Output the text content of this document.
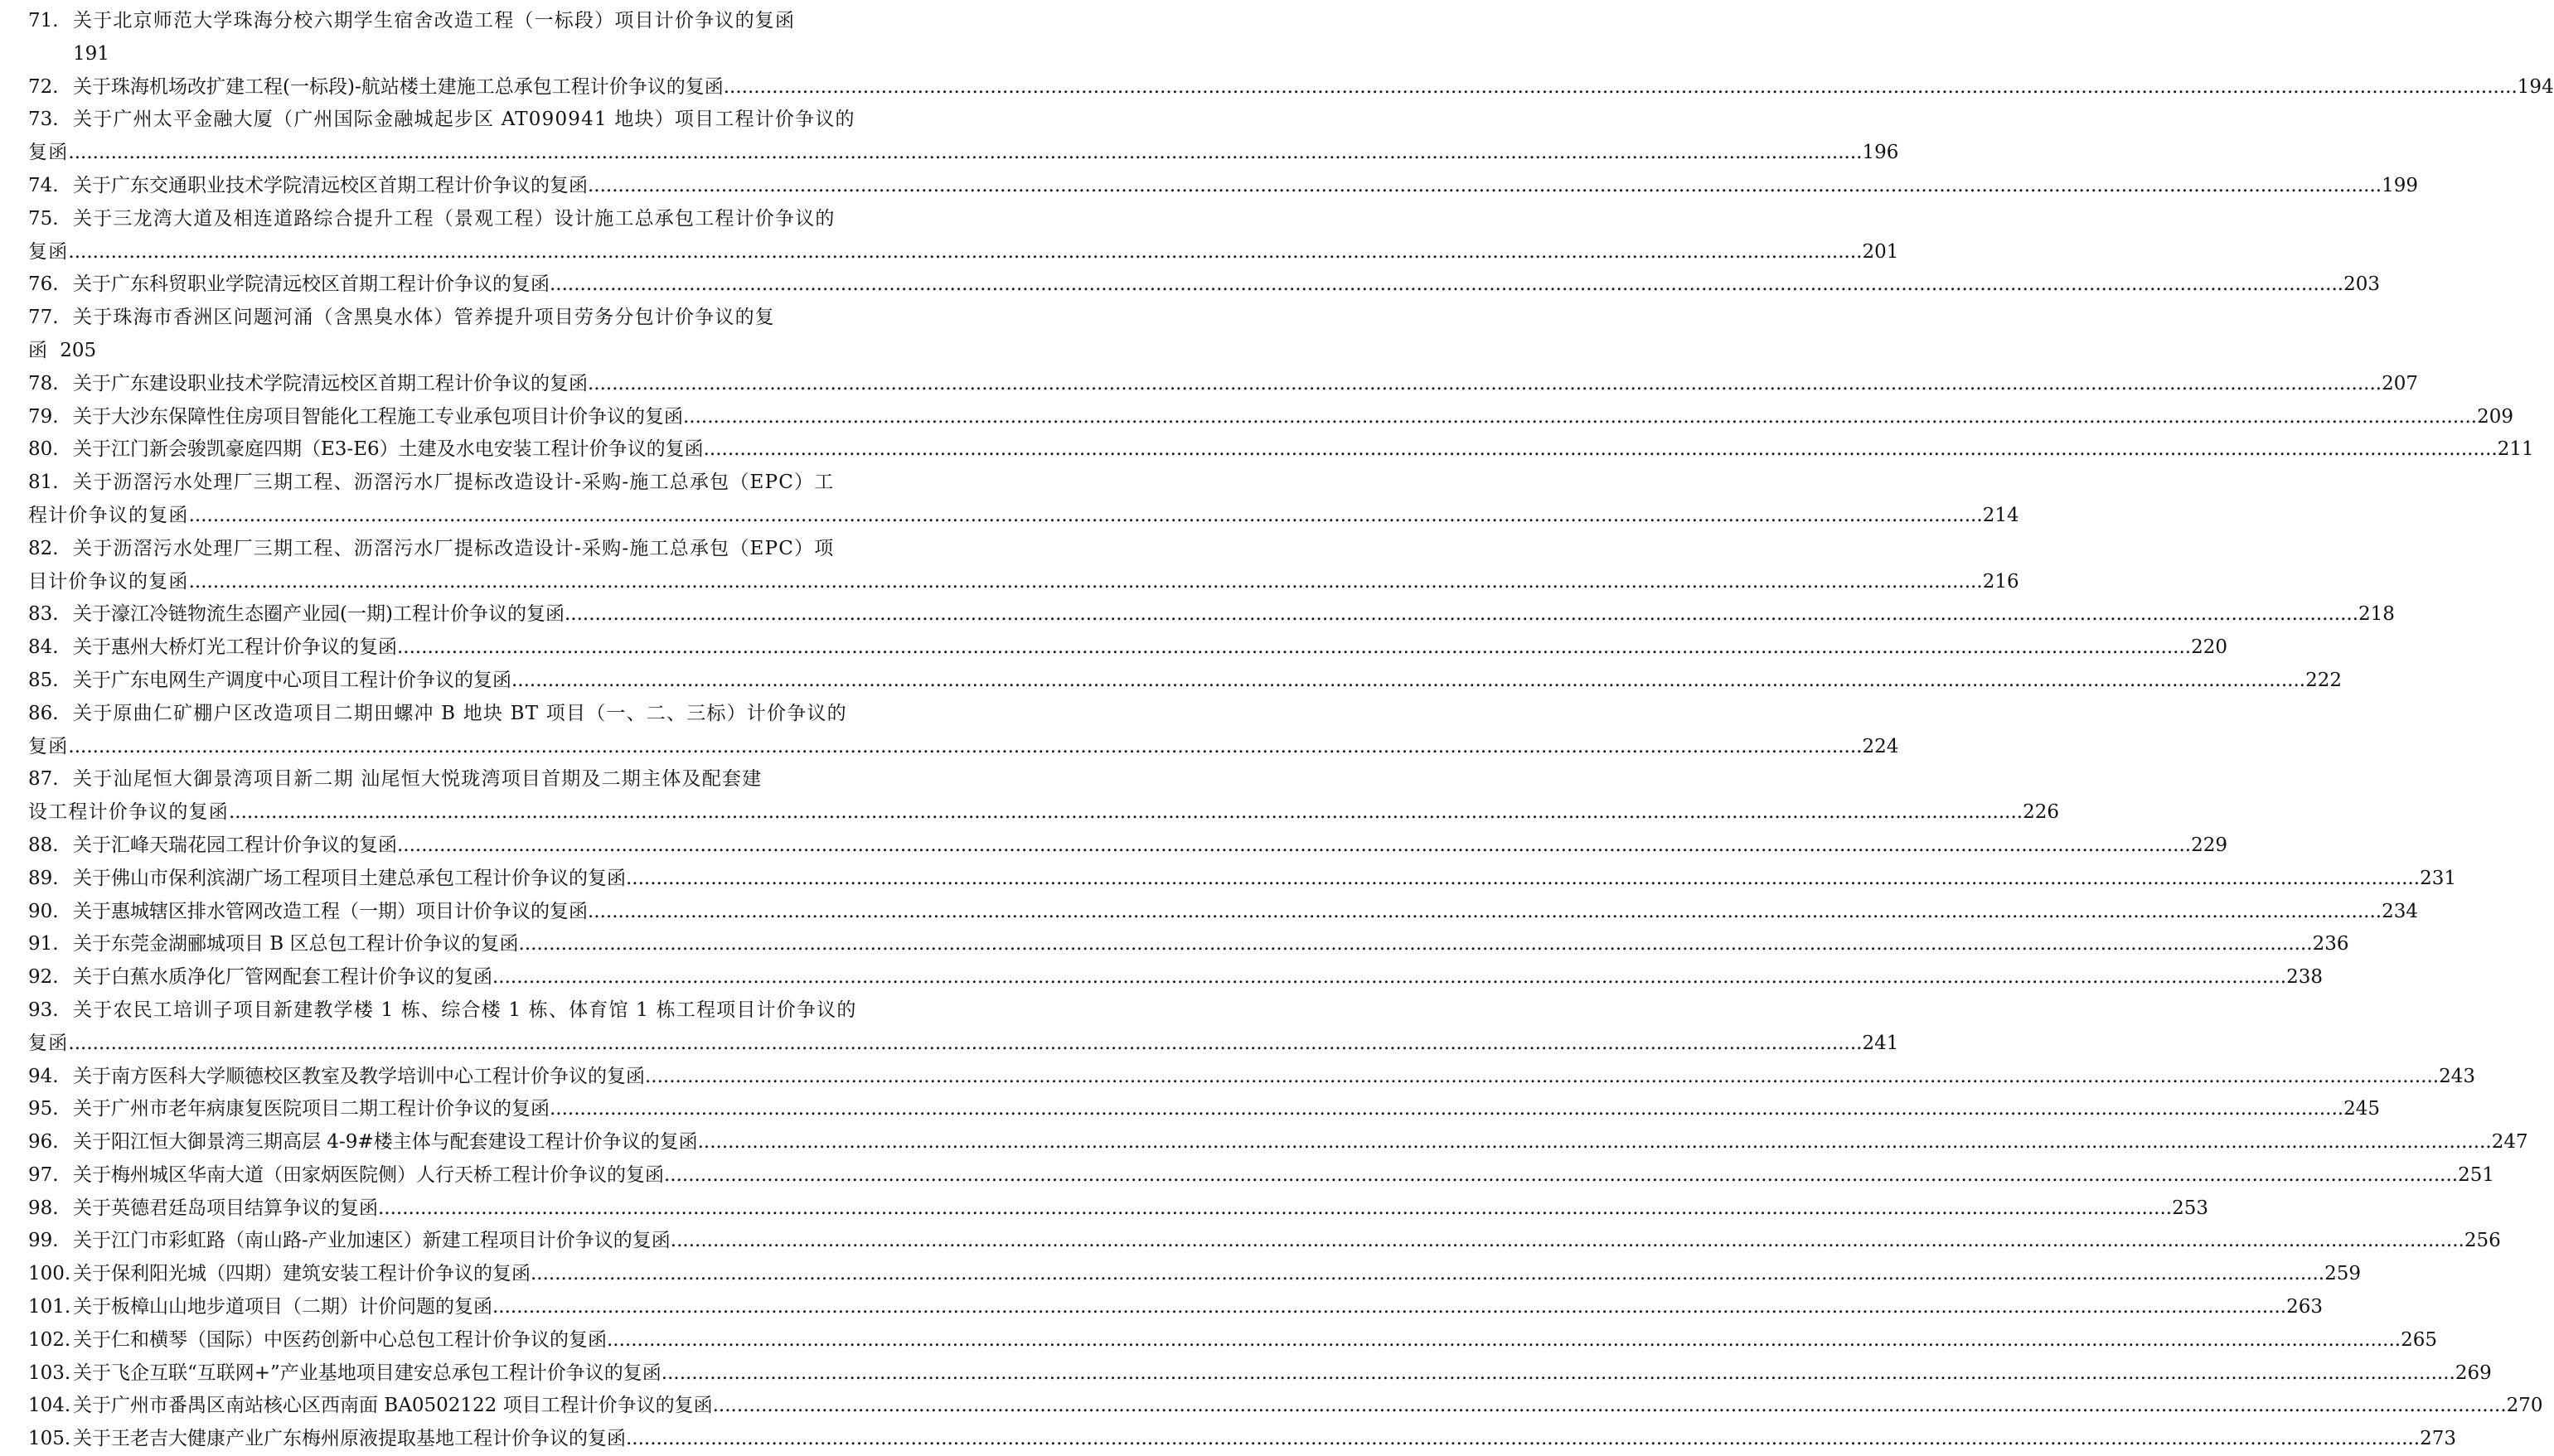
71. 关于北京师范大学珠海分校六期学生宿舍改造工程（一标段）项目计价争议的复函
191
72. 关于珠海机场改扩建工程(一标段)-航站楼土建施工总承包工程计价争议的复函 .....	194
73. 关于广州太平金融大厦（广州国际金融城起步区 AT090941 地块）项目工程计价争议的
复函 .....	196
74. 关于广东交通职业技术学院清远校区首期工程计价争议的复函 .....	199
75. 关于三龙湾大道及相连道路综合提升工程（景观工程）设计施工总承包工程计价争议的
复函 .....	201
76. 关于广东科贸职业学院清远校区首期工程计价争议的复函 .....	203
77. 关于珠海市香洲区问题河涌（含黑臭水体）管养提升项目劳务分包计价争议的复
函 205
78. 关于广东建设职业技术学院清远校区首期工程计价争议的复函 .....	207
79. 关于大沙东保障性住房项目智能化工程施工专业承包项目计价争议的复函 .....	209
80. 关于江门新会骏凯豪庭四期（E3-E6）土建及水电安装工程计价争议的复函 .....	211
81. 关于沥滘污水处理厂三期工程、沥滘污水厂提标改造设计-采购-施工总承包（EPC）工
程计价争议的复函 .....	214
82. 关于沥滘污水处理厂三期工程、沥滘污水厂提标改造设计-采购-施工总承包（EPC）项
目计价争议的复函 .....	216
83. 关于濠江冷链物流生态圈产业园(一期)工程计价争议的复函 .....	218
84. 关于惠州大桥灯光工程计价争议的复函 .....	220
85. 关于广东电网生产调度中心项目工程计价争议的复函 .....	222
86. 关于原曲仁矿棚户区改造项目二期田螺冲 B 地块 BT 项目（一、二、三标）计价争议的
复函 .....	224
87. 关于汕尾恒大御景湾项目新二期 汕尾恒大悦珑湾项目首期及二期主体及配套建
设工程计价争议的复函 .....	226
88. 关于汇峰天瑞花园工程计价争议的复函 .....	229
89. 关于佛山市保利滨湖广场工程项目土建总承包工程计价争议的复函 .....	231
90. 关于惠城辖区排水管网改造工程（一期）项目计价争议的复函 .....	234
91. 关于东莞金湖郦城项目 B 区总包工程计价争议的复函 .....	236
92. 关于白蕉水质净化厂管网配套工程计价争议的复函 .....	238
93. 关于农民工培训子项目新建教学楼 1 栋、综合楼 1 栋、体育馆 1 栋工程项目计价争议的
复函 .....	241
94. 关于南方医科大学顺德校区教室及教学培训中心工程计价争议的复函 .....	243
95. 关于广州市老年病康复医院项目二期工程计价争议的复函 .....	245
96. 关于阳江恒大御景湾三期高层 4-9#楼主体与配套建设工程计价争议的复函 .....	247
97. 关于梅州城区华南大道（田家炳医院侧）人行天桥工程计价争议的复函 .....	251
98. 关于英德君廷岛项目结算争议的复函 .....	253
99. 关于江门市彩虹路（南山路-产业加速区）新建工程项目计价争议的复函 .....	256
100. 关于保利阳光城（四期）建筑安装工程计价争议的复函 .....	259
101. 关于板樟山山地步道项目（二期）计价问题的复函 .....	263
102. 关于仁和横琴（国际）中医药创新中心总包工程计价争议的复函 .....	265
103. 关于飞企互联“互联网+”产业基地项目建安总承包工程计价争议的复函 .....	269
104. 关于广州市番禺区南站核心区西南面 BA0502122 项目工程计价争议的复函 .....	270
105. 关于王老吉大健康产业广东梅州原液提取基地工程计价争议的复函 .....	273
